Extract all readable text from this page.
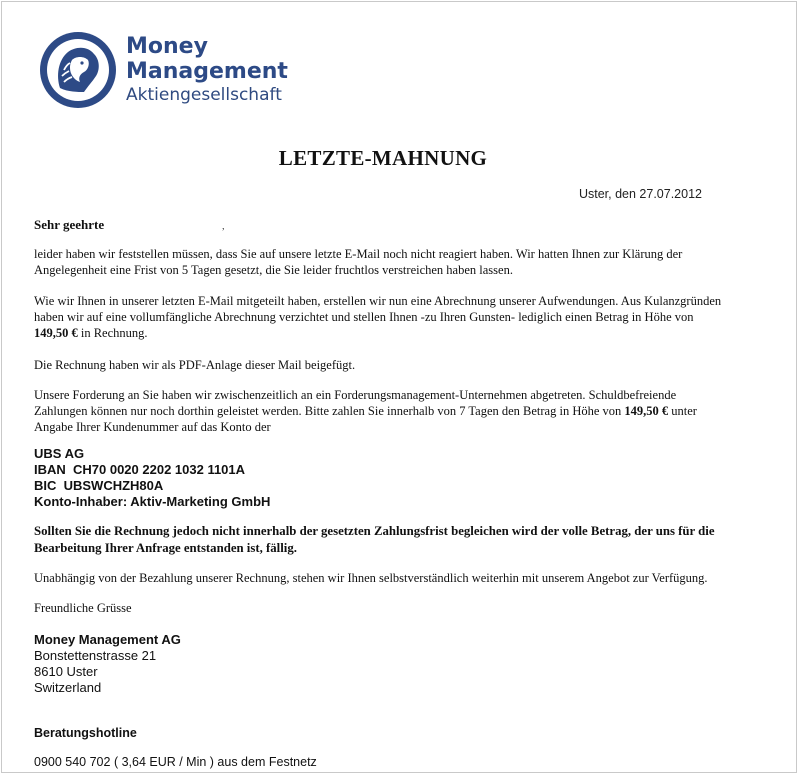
Money
Management
Aktiengesellschaft
LETZTE-MAHNUNG
Uster, den 27.07.2012
Sehr geehrte	,
leider haben wir feststellen müssen, dass Sie auf unsere letzte E-Mail noch nicht reagiert haben. Wir hatten Ihnen zur Klärung der Angelegenheit eine Frist von 5 Tagen gesetzt, die Sie leider fruchtlos verstreichen haben lassen.
Wie wir Ihnen in unserer letzten E-Mail mitgeteilt haben, erstellen wir nun eine Abrechnung unserer Aufwendungen. Aus Kulanzgründen haben wir auf eine vollumfängliche Abrechnung verzichtet und stellen Ihnen -zu Ihren Gunsten- lediglich einen Betrag in Höhe von 149,50 € in Rechnung.
Die Rechnung haben wir als PDF-Anlage dieser Mail beigefügt.
Unsere Forderung an Sie haben wir zwischenzeitlich an ein Forderungsmanagement-Unternehmen abgetreten. Schuldbefreiende Zahlungen können nur noch dorthin geleistet werden. Bitte zahlen Sie innerhalb von 7 Tagen den Betrag in Höhe von 149,50 € unter Angabe Ihrer Kundenummer auf das Konto der
UBS AG
IBAN  CH70 0020 2202 1032 1101A
BIC  UBSWCHZH80A
Konto-Inhaber: Aktiv-Marketing GmbH
Sollten Sie die Rechnung jedoch nicht innerhalb der gesetzten Zahlungsfrist begleichen wird der volle Betrag, der uns für die Bearbeitung Ihrer Anfrage entstanden ist, fällig.
Unabhängig von der Bezahlung unserer Rechnung, stehen wir Ihnen selbstverständlich weiterhin mit unserem Angebot zur Verfügung.
Freundliche Grüsse
Money Management AG
Bonstettenstrasse 21
8610 Uster
Switzerland
Beratungshotline
0900 540 702 ( 3,64 EUR / Min ) aus dem Festnetz
